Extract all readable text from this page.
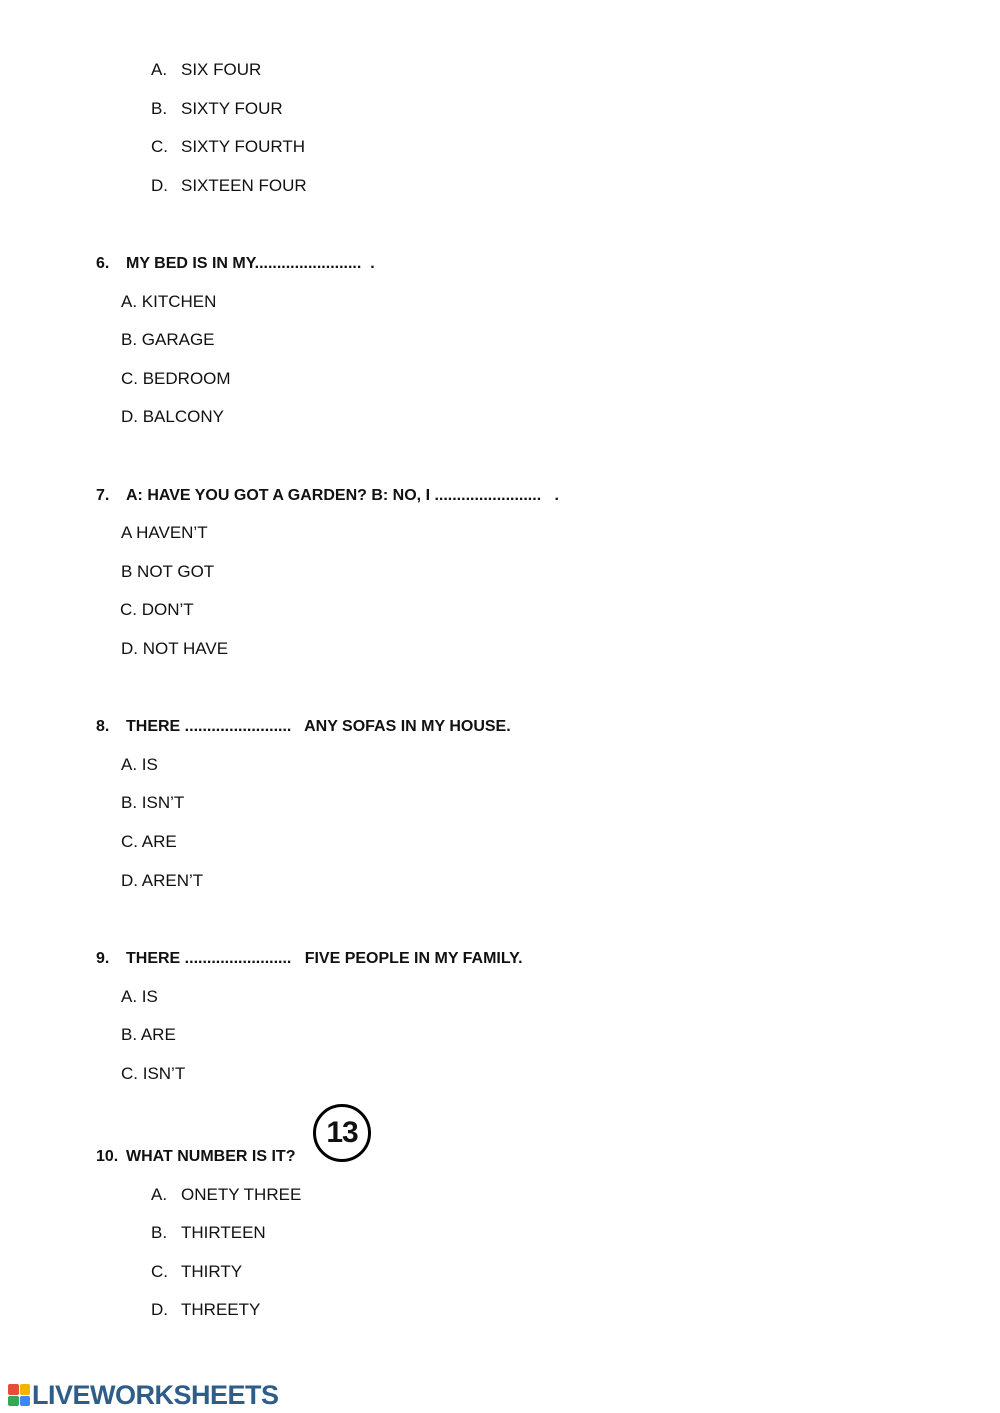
A. SIX FOUR
B. SIXTY FOUR
C. SIXTY FOURTH
D. SIXTEEN FOUR
6. MY BED IS IN MY........................  .
A. KITCHEN
B. GARAGE
C. BEDROOM
D. BALCONY
7. A: HAVE YOU GOT A GARDEN? B: NO, I ........................   .
A HAVEN’T
B NOT GOT
C. DON’T
D. NOT HAVE
8. THERE ........................   ANY SOFAS IN MY HOUSE.
A. IS
B. ISN’T
C. ARE
D. AREN’T
9. THERE ........................   FIVE PEOPLE IN MY FAMILY.
A. IS
B. ARE
C. ISN’T
10. WHAT NUMBER IS IT?
13
A. ONETY THREE
B. THIRTEEN
C. THIRTY
D. THREETY
LIVEWORKSHEETS
